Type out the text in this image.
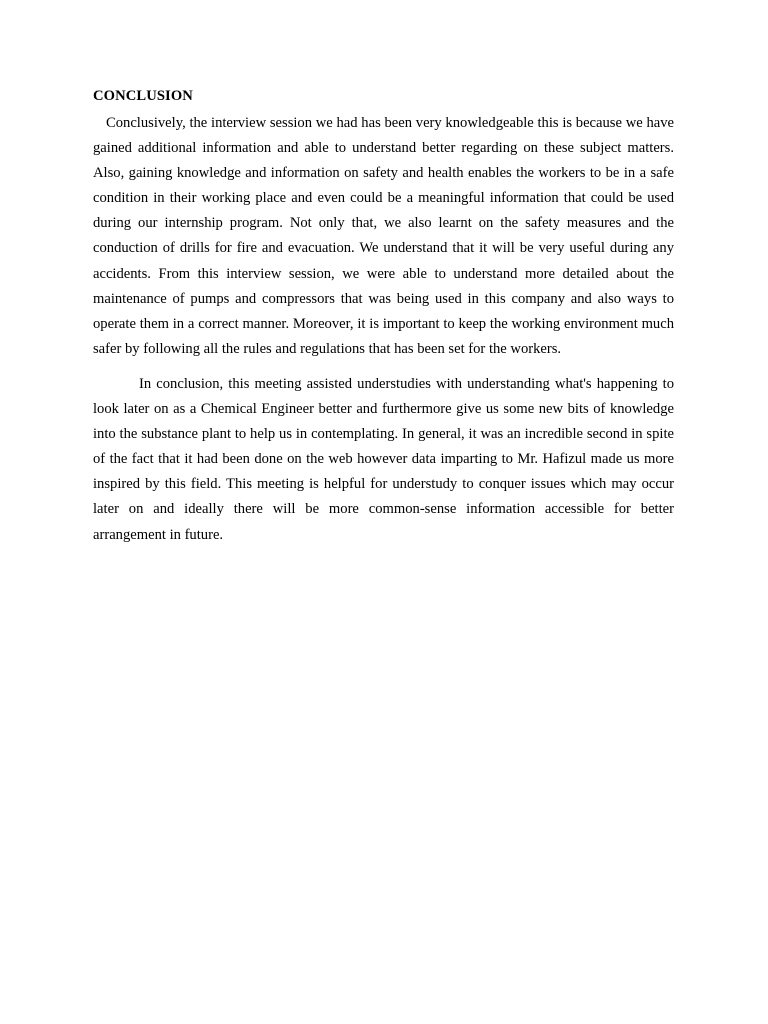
CONCLUSION

Conclusively, the interview session we had has been very knowledgeable this is because we have gained additional information and able to understand better regarding on these subject matters. Also, gaining knowledge and information on safety and health enables the workers to be in a safe condition in their working place and even could be a meaningful information that could be used during our internship program. Not only that, we also learnt on the safety measures and the conduction of drills for fire and evacuation. We understand that it will be very useful during any accidents. From this interview session, we were able to understand more detailed about the maintenance of pumps and compressors that was being used in this company and also ways to operate them in a correct manner. Moreover, it is important to keep the working environment much safer by following all the rules and regulations that has been set for the workers.

In conclusion, this meeting assisted understudies with understanding what's happening to look later on as a Chemical Engineer better and furthermore give us some new bits of knowledge into the substance plant to help us in contemplating. In general, it was an incredible second in spite of the fact that it had been done on the web however data imparting to Mr. Hafizul made us more inspired by this field. This meeting is helpful for understudy to conquer issues which may occur later on and ideally there will be more common-sense information accessible for better arrangement in future.
